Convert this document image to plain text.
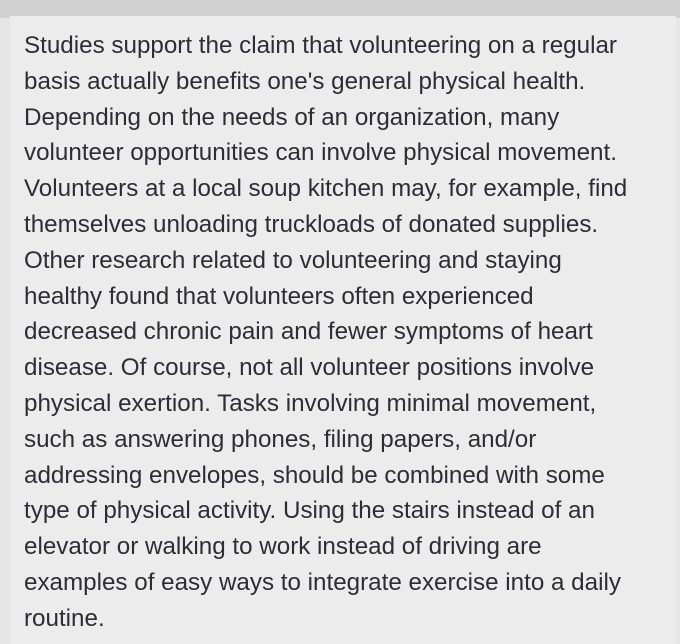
Studies support the claim that volunteering on a regular
basis actually benefits one's general physical health.
Depending on the needs of an organization, many
volunteer opportunities can involve physical movement.
Volunteers at a local soup kitchen may, for example, find
themselves unloading truckloads of donated supplies.
Other research related to volunteering and staying
healthy found that volunteers often experienced
decreased chronic pain and fewer symptoms of heart
disease. Of course, not all volunteer positions involve
physical exertion. Tasks involving minimal movement,
such as answering phones, filing papers, and/or
addressing envelopes, should be combined with some
type of physical activity. Using the stairs instead of an
elevator or walking to work instead of driving are
examples of easy ways to integrate exercise into a daily
routine.
